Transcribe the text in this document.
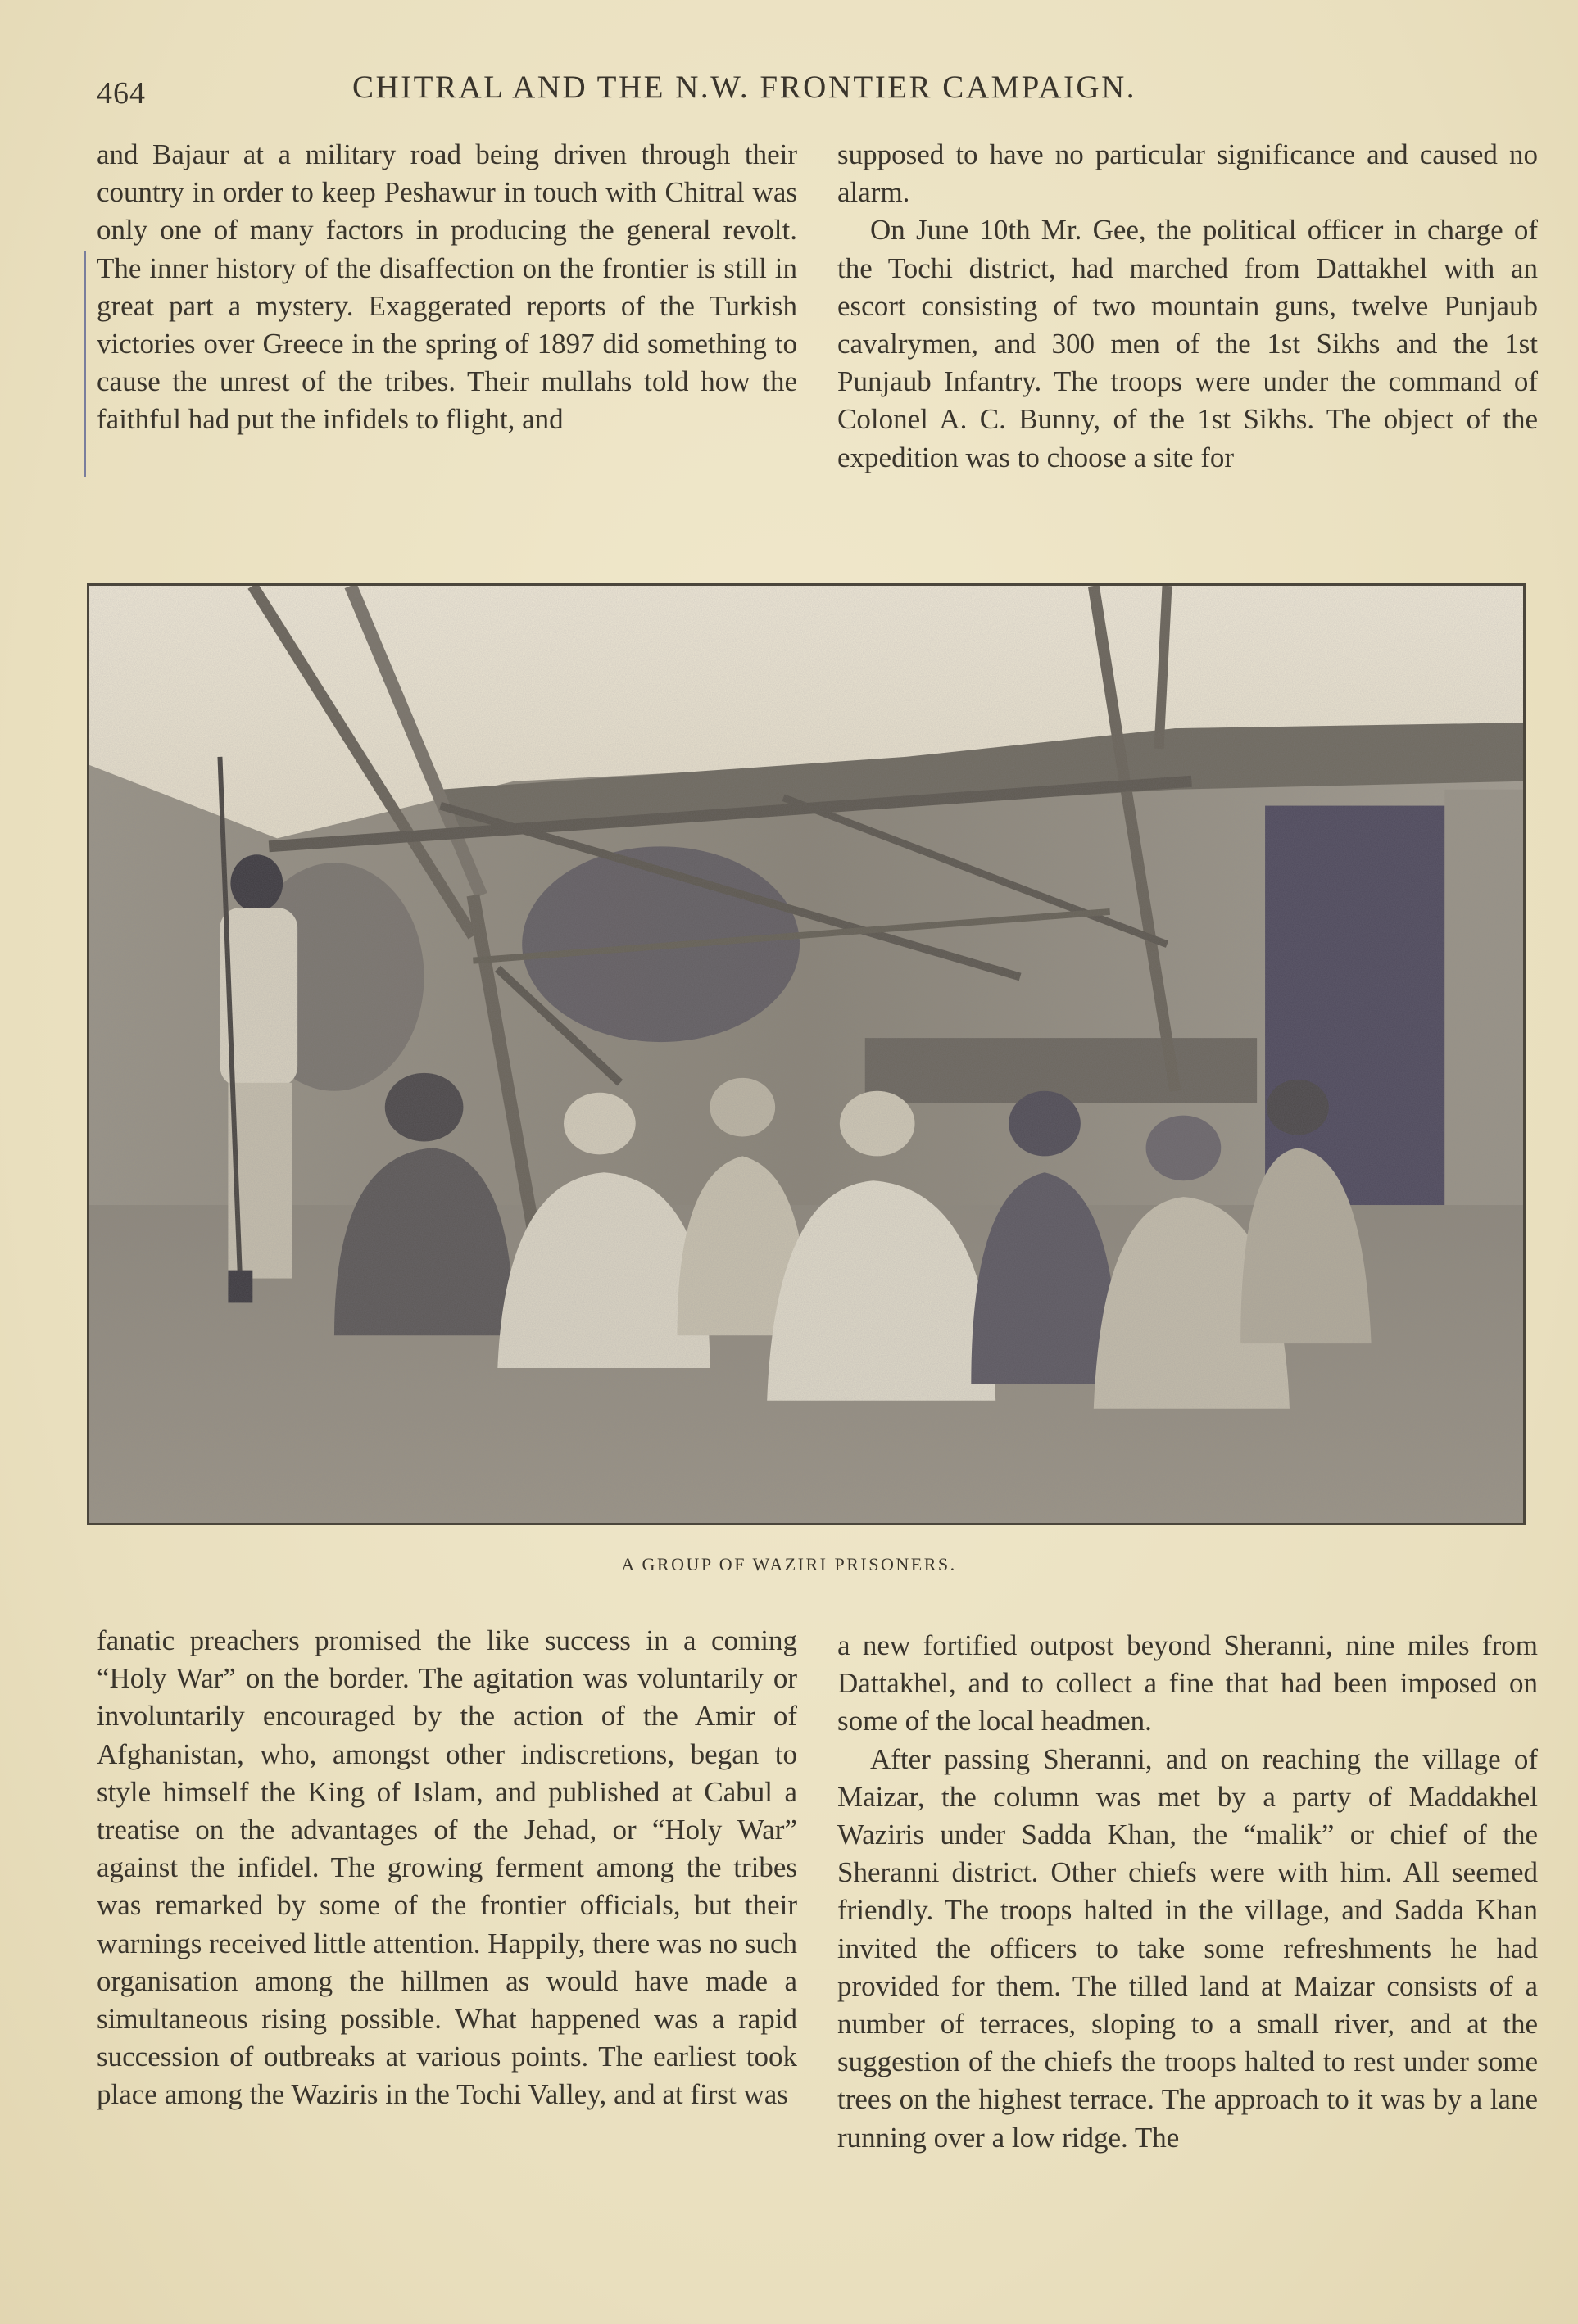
464	CHITRAL AND THE N.W. FRONTIER CAMPAIGN.

and Bajaur at a military road being driven through their country in order to keep Peshawur in touch with Chitral was only one of many factors in producing the general revolt. The inner history of the disaffection on the frontier is still in great part a mystery. Exaggerated reports of the Turkish victories over Greece in the spring of 1897 did something to cause the unrest of the tribes. Their mullahs told how the faithful had put the infidels to flight, and

supposed to have no particular significance and caused no alarm.

On June 10th Mr. Gee, the political officer in charge of the Tochi district, had marched from Dattakhel with an escort consisting of two mountain guns, twelve Punjaub cavalrymen, and 300 men of the 1st Sikhs and the 1st Punjaub Infantry. The troops were under the command of Colonel A. C. Bunny, of the 1st Sikhs. The object of the expedition was to choose a site for

A GROUP OF WAZIRI PRISONERS.

fanatic preachers promised the like success in a coming “Holy War” on the border. The agitation was voluntarily or involuntarily encouraged by the action of the Amir of Afghanistan, who, amongst other indiscretions, began to style himself the King of Islam, and published at Cabul a treatise on the advantages of the Jehad, or “Holy War” against the infidel. The growing ferment among the tribes was remarked by some of the frontier officials, but their warnings received little attention. Happily, there was no such organisation among the hillmen as would have made a simultaneous rising possible. What happened was a rapid succession of outbreaks at various points. The earliest took place among the Waziris in the Tochi Valley, and at first was

a new fortified outpost beyond Sheranni, nine miles from Dattakhel, and to collect a fine that had been imposed on some of the local headmen.

After passing Sheranni, and on reaching the village of Maizar, the column was met by a party of Maddakhel Waziris under Sadda Khan, the “malik” or chief of the Sheranni district. Other chiefs were with him. All seemed friendly. The troops halted in the village, and Sadda Khan invited the officers to take some refreshments he had provided for them. The tilled land at Maizar consists of a number of terraces, sloping to a small river, and at the suggestion of the chiefs the troops halted to rest under some trees on the highest terrace. The approach to it was by a lane running over a low ridge. The
